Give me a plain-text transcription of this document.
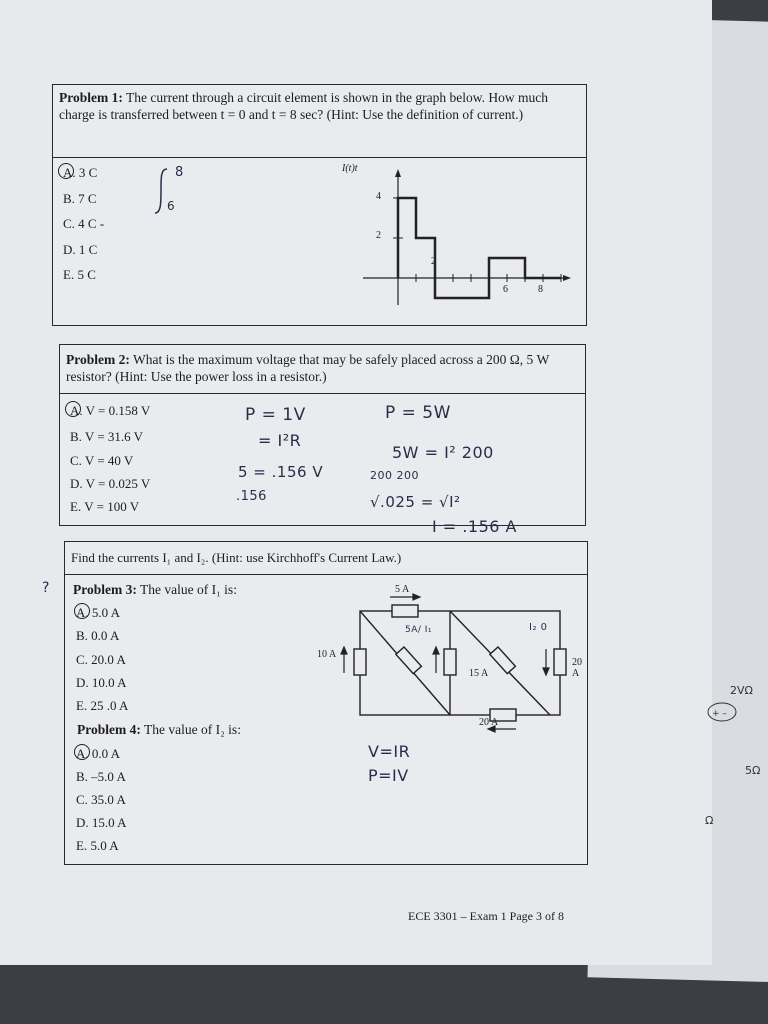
Problem 1: The current through a circuit element is shown in the graph below. How much charge is transferred between t = 0 and t = 8 sec? (Hint: Use the definition of current.)
A. 3 C
B. 7 C
C. 4 C -
D. 1 C
E. 5 C
8
6
I(t)t
4
2
2
6	8
Problem 2: What is the maximum voltage that may be safely placed across a 200 Ω, 5 W resistor? (Hint: Use the power loss in a resistor.)
A. V = 0.158 V
B. V = 31.6 V
C. V = 40 V
D. V = 0.025 V
E. V = 100 V
P = 1V
= I²R
5 = .156 V
.156
P = 5W
5W = I² 200
200 200
√.025 = √I²
I = .156 A
Find the currents I₁ and I₂. (Hint: use Kirchhoff's Current Law.)
Problem 3: The value of I₁ is:
A. 5.0 A
B. 0.0 A
C. 20.0 A
D. 10.0 A
E. 25 .0 A
Problem 4: The value of I₂ is:
A. 0.0 A
B. –5.0 A
C. 35.0 A
D. 15.0 A
E. 5.0 A
5 A
10 A
15 A
20 A
20 A
5A/ I₁	I₂ 0
V=IR
P=IV
?
ECE 3301 – Exam 1 Page 3 of 8
2VΩ
5Ω
Ω
+ –
